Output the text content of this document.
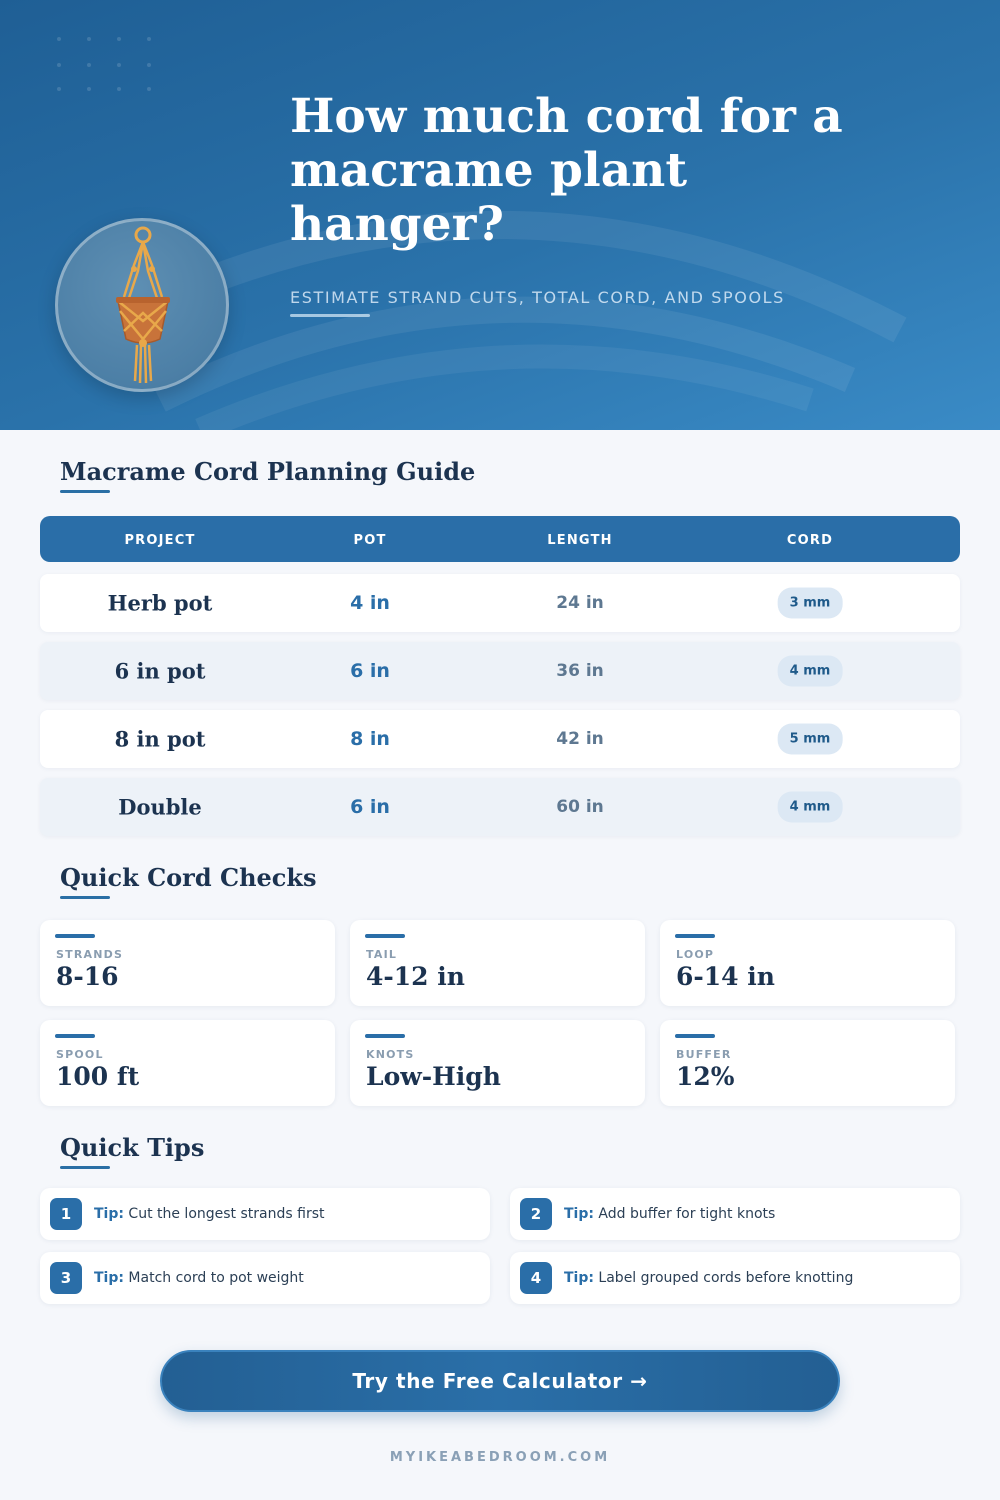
How much cord for a macrame plant hanger?
ESTIMATE STRAND CUTS, TOTAL CORD, AND SPOOLS
Macrame Cord Planning Guide
PROJECT	POT	LENGTH	CORD
Herb pot	4 in	24 in	3 mm
6 in pot	6 in	36 in	4 mm
8 in pot	8 in	42 in	5 mm
Double	6 in	60 in	4 mm
Quick Cord Checks
STRANDS
8-16
TAIL
4-12 in
LOOP
6-14 in
SPOOL
100 ft
KNOTS
Low-High
BUFFER
12%
Quick Tips
1	Tip: Cut the longest strands first	2	Tip: Add buffer for tight knots
3	Tip: Match cord to pot weight	4	Tip: Label grouped cords before knotting
Try the Free Calculator →
MYIKEABEDROOM.COM
